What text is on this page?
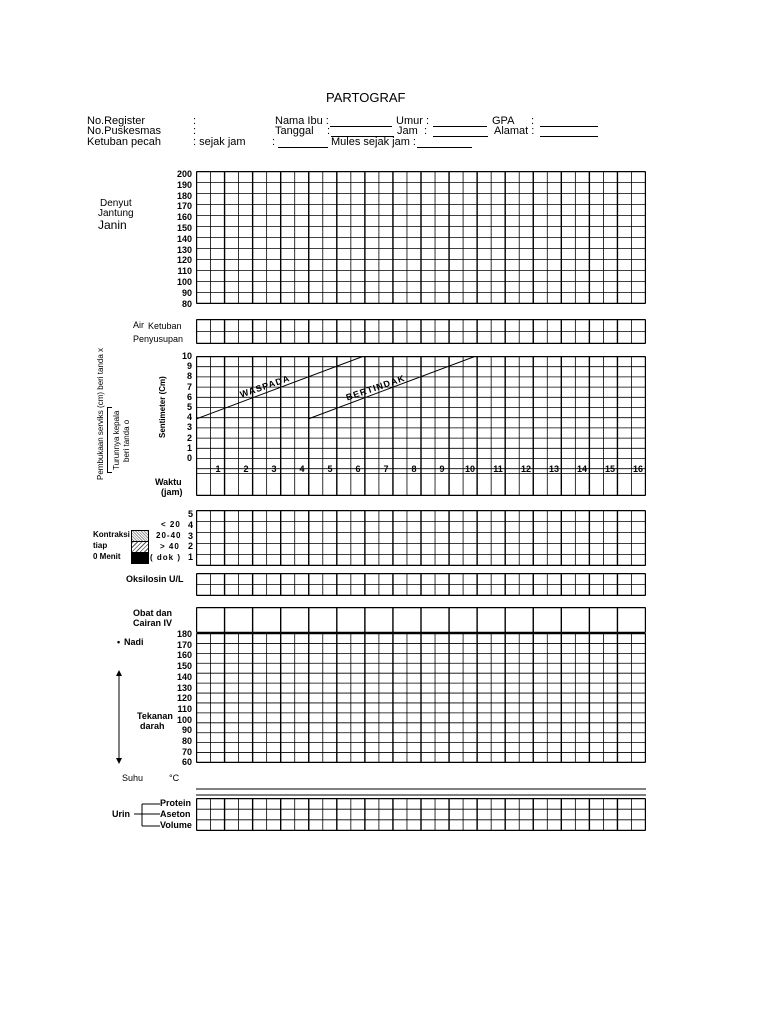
PARTOGRAF
No.Register	:
No.Puskesmas	:
Ketuban pecah	: sejak jam
Nama Ibu :	Umur :	GPA :
Tanggal :	Jam :	Alamat :
:	Mules sejak jam :
Denyut
Jantung
Janin
200
190
180
170
160
150
140
130
120
110
100
90
80
Air Ketuban
Penyusupan
Pembukaan serviks (cm) beri tanda x Turunnya kepala beri tanda o
Sentimeter (Cm)
10
9
8
7
6
5
4
3
2
1
0
1	2	3	4	5	6	7	8	9 10 11 12 13 14 15 16
WASPADA	BERTINDAK
Waktu
(jam)
5
4
3
2
1
< 20
20-40
> 40
( dok )
Kontraksi
tiap
0 Menit
Oksilosin U/L
Obat dan
Cairan IV
• Nadi
180
170
160
150
140
130
120
110
100
90
80
70
60
Tekanan
darah
Suhu	°C
Urin
Protein
Aseton
Volume
